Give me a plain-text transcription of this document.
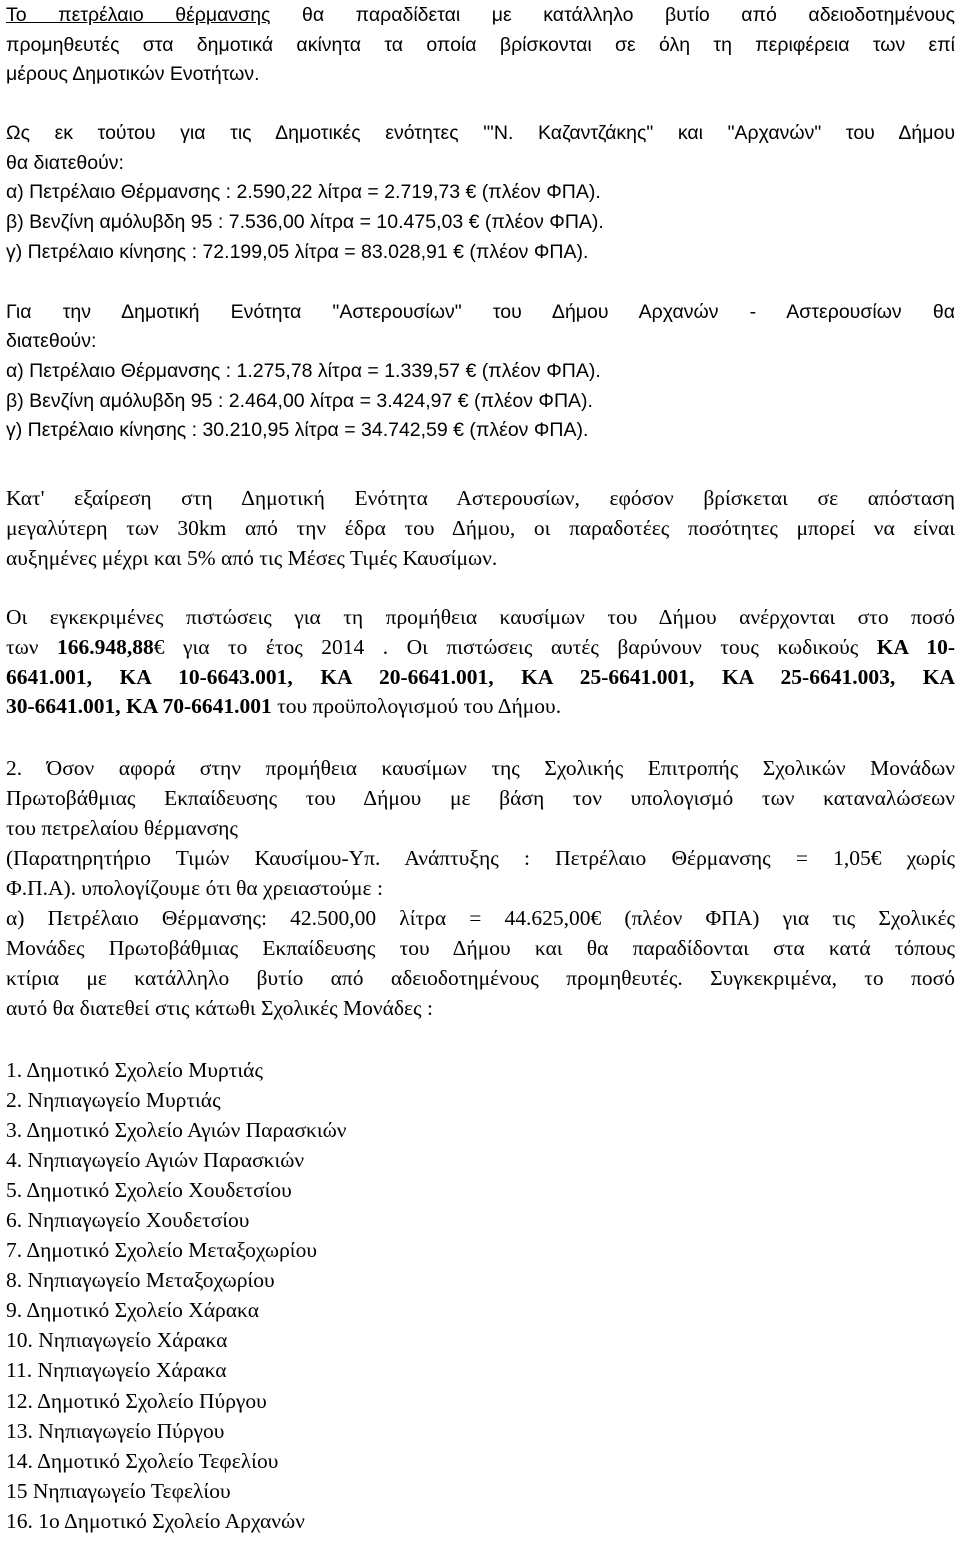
Το πετρέλαιο θέρμανσης θα παραδίδεται με κατάλληλο βυτίο από αδειοδοτημένους
προμηθευτές στα δημοτικά ακίνητα τα οποία βρίσκονται σε όλη τη περιφέρεια των επί
μέρους Δημοτικών Ενοτήτων.
Ως εκ τούτου για τις Δημοτικές ενότητες "'Ν. Καζαντζάκης" και "Αρχανών" του Δήμου
θα διατεθούν:
α) Πετρέλαιο Θέρμανσης : 2.590,22 λίτρα = 2.719,73 € (πλέον ΦΠΑ).
β) Βενζίνη αμόλυβδη 95 : 7.536,00 λίτρα = 10.475,03 € (πλέον ΦΠΑ).
γ) Πετρέλαιο κίνησης : 72.199,05 λίτρα = 83.028,91 € (πλέον ΦΠΑ).
Για την Δημοτική Ενότητα "Αστερουσίων" του Δήμου Αρχανών - Αστερουσίων θα
διατεθούν:
α) Πετρέλαιο Θέρμανσης : 1.275,78 λίτρα = 1.339,57 € (πλέον ΦΠΑ).
β) Βενζίνη αμόλυβδη 95 : 2.464,00 λίτρα = 3.424,97 € (πλέον ΦΠΑ).
γ) Πετρέλαιο κίνησης : 30.210,95 λίτρα = 34.742,59 € (πλέον ΦΠΑ).
Κατ' εξαίρεση στη Δημοτική Ενότητα Αστερουσίων, εφόσον βρίσκεται σε απόσταση
μεγαλύτερη των 30km από την έδρα του Δήμου, οι παραδοτέες ποσότητες μπορεί να είναι
αυξημένες μέχρι και 5% από τις Μέσες Τιμές Καυσίμων.
Οι εγκεκριμένες πιστώσεις για τη προμήθεια καυσίμων του Δήμου ανέρχονται στο ποσό
των 166.948,88€ για το έτος 2014 . Οι πιστώσεις αυτές βαρύνουν τους κωδικούς ΚΑ 10-
6641.001, ΚΑ 10-6643.001, ΚΑ 20-6641.001, ΚΑ 25-6641.001, ΚΑ 25-6641.003, ΚΑ
30-6641.001, ΚΑ 70-6641.001 του προϋπολογισμού του Δήμου.
2. Όσον αφορά στην προμήθεια καυσίμων της Σχολικής Επιτροπής Σχολικών Μονάδων
Πρωτοβάθμιας Εκπαίδευσης του Δήμου με βάση τον υπολογισμό των καταναλώσεων
του πετρελαίου θέρμανσης
(Παρατηρητήριο Τιμών Καυσίμου-Υπ. Ανάπτυξης : Πετρέλαιο Θέρμανσης = 1,05€ χωρίς
Φ.Π.Α). υπολογίζουμε ότι θα χρειαστούμε :
α) Πετρέλαιο Θέρμανσης: 42.500,00 λίτρα = 44.625,00€ (πλέον ΦΠΑ) για τις Σχολικές
Μονάδες Πρωτοβάθμιας Εκπαίδευσης του Δήμου και θα παραδίδονται στα κατά τόπους
κτίρια με κατάλληλο βυτίο από αδειοδοτημένους προμηθευτές. Συγκεκριμένα, το ποσό
αυτό θα διατεθεί στις κάτωθι Σχολικές Μονάδες :
1. Δημοτικό Σχολείο Μυρτιάς
2. Νηπιαγωγείο Μυρτιάς
3. Δημοτικό Σχολείο Αγιών Παρασκιών
4. Νηπιαγωγείο Αγιών Παρασκιών
5. Δημοτικό Σχολείο Χουδετσίου
6. Νηπιαγωγείο Χουδετσίου
7. Δημοτικό Σχολείο Μεταξοχωρίου
8. Νηπιαγωγείο Μεταξοχωρίου
9. Δημοτικό Σχολείο Χάρακα
10. Νηπιαγωγείο Χάρακα
11. Νηπιαγωγείο Χάρακα
12. Δημοτικό Σχολείο Πύργου
13. Νηπιαγωγείο Πύργου
14. Δημοτικό Σχολείο Τεφελίου
15 Νηπιαγωγείο Τεφελίου
16. 1ο Δημοτικό Σχολείο Αρχανών
